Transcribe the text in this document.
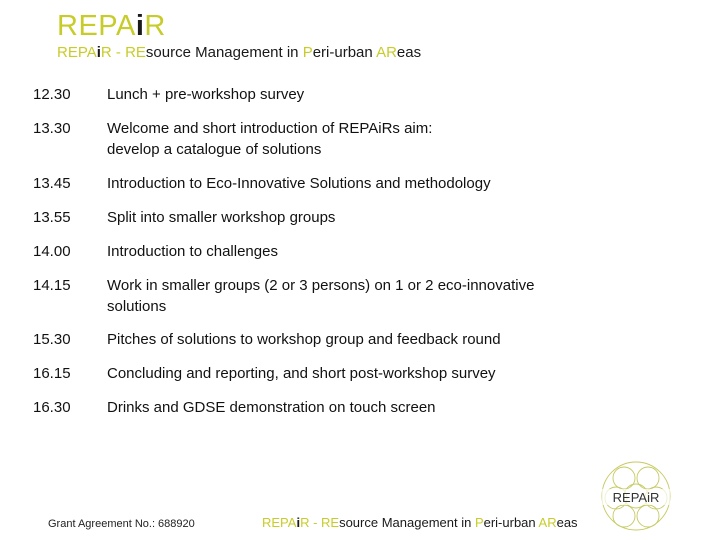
REPAiR
REPAiR - REsource Management in Peri-urban AReas
12.30	Lunch + pre-workshop survey
13.30	Welcome and short introduction of REPAiRs aim:
develop a catalogue of solutions
13.45	Introduction to Eco-Innovative Solutions and methodology
13.55	Split into smaller workshop groups
14.00	Introduction to challenges
14.15	Work in smaller groups (2 or 3 persons) on 1 or 2 eco-innovative
solutions
15.30	Pitches of solutions to workshop group and feedback round
16.15	Concluding and reporting, and short post-workshop survey
16.30	Drinks and GDSE demonstration on touch screen
Grant Agreement No.: 688920	REPAiR - REsource Management in Peri-urban AReas
REPAiR
